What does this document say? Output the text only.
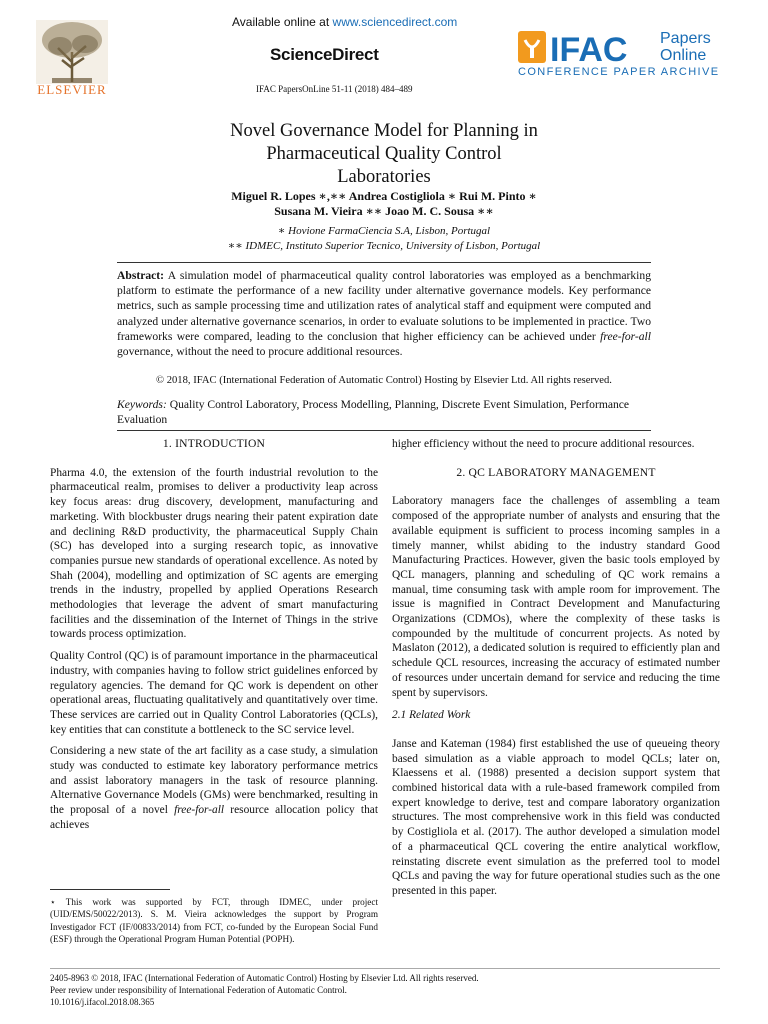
ELSEVIER
Available online at www.sciencedirect.com
ScienceDirect
IFAC PapersOnLine 51-11 (2018) 484–489
IFAC Papers
Online
CONFERENCE PAPER ARCHIVE
Novel Governance Model for Planning in
Pharmaceutical Quality Control
Laboratories
Miguel R. Lopes ∗,∗∗ Andrea Costigliola ∗ Rui M. Pinto ∗
Susana M. Vieira ∗∗ Joao M. C. Sousa ∗∗
∗ Hovione FarmaCiencia S.A, Lisbon, Portugal
∗∗ IDMEC, Instituto Superior Tecnico, University of Lisbon, Portugal
Abstract: A simulation model of pharmaceutical quality control laboratories was employed as a benchmarking platform to estimate the performance of a new facility under alternative governance models. Key performance metrics, such as sample processing time and utilization rates of analytical staff and equipment were computed and analyzed under alternative governance scenarios, in order to evaluate solutions to be implemented in practice. Two frameworks were compared, leading to the conclusion that higher efficiency can be achieved under free-for-all governance, without the need to procure additional resources.
© 2018, IFAC (International Federation of Automatic Control) Hosting by Elsevier Ltd. All rights reserved.
Keywords: Quality Control Laboratory, Process Modelling, Planning, Discrete Event Simulation, Performance Evaluation
1. INTRODUCTION

Pharma 4.0, the extension of the fourth industrial revolution to the pharmaceutical realm, promises to deliver a productivity leap across key focus areas: drug discovery, development, manufacturing and marketing. With blockbuster drugs nearing their patent expiration date and declining R&D productivity, the pharmaceutical Supply Chain (SC) has developed into a surging research topic, as innovative companies pursue new standards of operational excellence. As noted by Shah (2004), modelling and optimization of SC agents are emerging trends in the industry, propelled by applied Operations Research methodologies that leverage the advent of smart manufacturing facilities and the dissemination of the Internet of Things in the strive towards process optimization.

Quality Control (QC) is of paramount importance in the pharmaceutical industry, with companies having to follow strict guidelines enforced by regulatory agencies. The demand for QC work is dependent on other operational areas, fluctuating qualitatively and quantitatively over time. These services are carried out in Quality Control Laboratories (QCLs), key entities that can constitute a bottleneck to the SC service level.

Considering a new state of the art facility as a case study, a simulation study was conducted to estimate key laboratory performance metrics and assist laboratory managers in the task of resource planning. Alternative Governance Models (GMs) were benchmarked, resulting in the proposal of a novel free-for-all resource allocation policy that achieves

⋆ This work was supported by FCT, through IDMEC, under project (UID/EMS/50022/2013). S. M. Vieira acknowledges the support by Program Investigador FCT (IF/00833/2014) from FCT, co-funded by the European Social Fund (ESF) through the Operational Program Human Potential (POPH).

higher efficiency without the need to procure additional resources.

2. QC LABORATORY MANAGEMENT

Laboratory managers face the challenges of assembling a team composed of the appropriate number of analysts and ensuring that the available equipment is sufficient to process incoming samples in a timely manner, whilst abiding to the industry standard Good Manufacturing Practices. However, given the basic tools employed by QCL managers, planning and scheduling of QC work remains a manual, time consuming task with ample room for improvement. The issue is magnified in Contract Development and Manufacturing Organizations (CDMOs), where the complexity of these tasks is compounded by the multitude of concurrent projects. As noted by Maslaton (2012), a dedicated solution is required to efficiently plan and schedule QCL resources, increasing the accuracy of estimated number of resources under uncertain demand for service and reducing the time spent by supervisors.

2.1 Related Work

Janse and Kateman (1984) first established the use of queueing theory based simulation as a viable approach to model QCLs; later on, Klaessens et al. (1988) presented a decision support system that combined historical data with a rule-based framework compiled from expert knowledge to derive, test and compare laboratory organization structures. The most comprehensive work in this field was conducted by Costigliola et al. (2017). The author developed a simulation model of a pharmaceutical QCL covering the entire analytical workflow, reinstating discrete event simulation as the preferred tool to model QCLs and paving the way for future operational studies such as the one presented in this paper.

2405-8963 © 2018, IFAC (International Federation of Automatic Control) Hosting by Elsevier Ltd. All rights reserved.
Peer review under responsibility of International Federation of Automatic Control.
10.1016/j.ifacol.2018.08.365
